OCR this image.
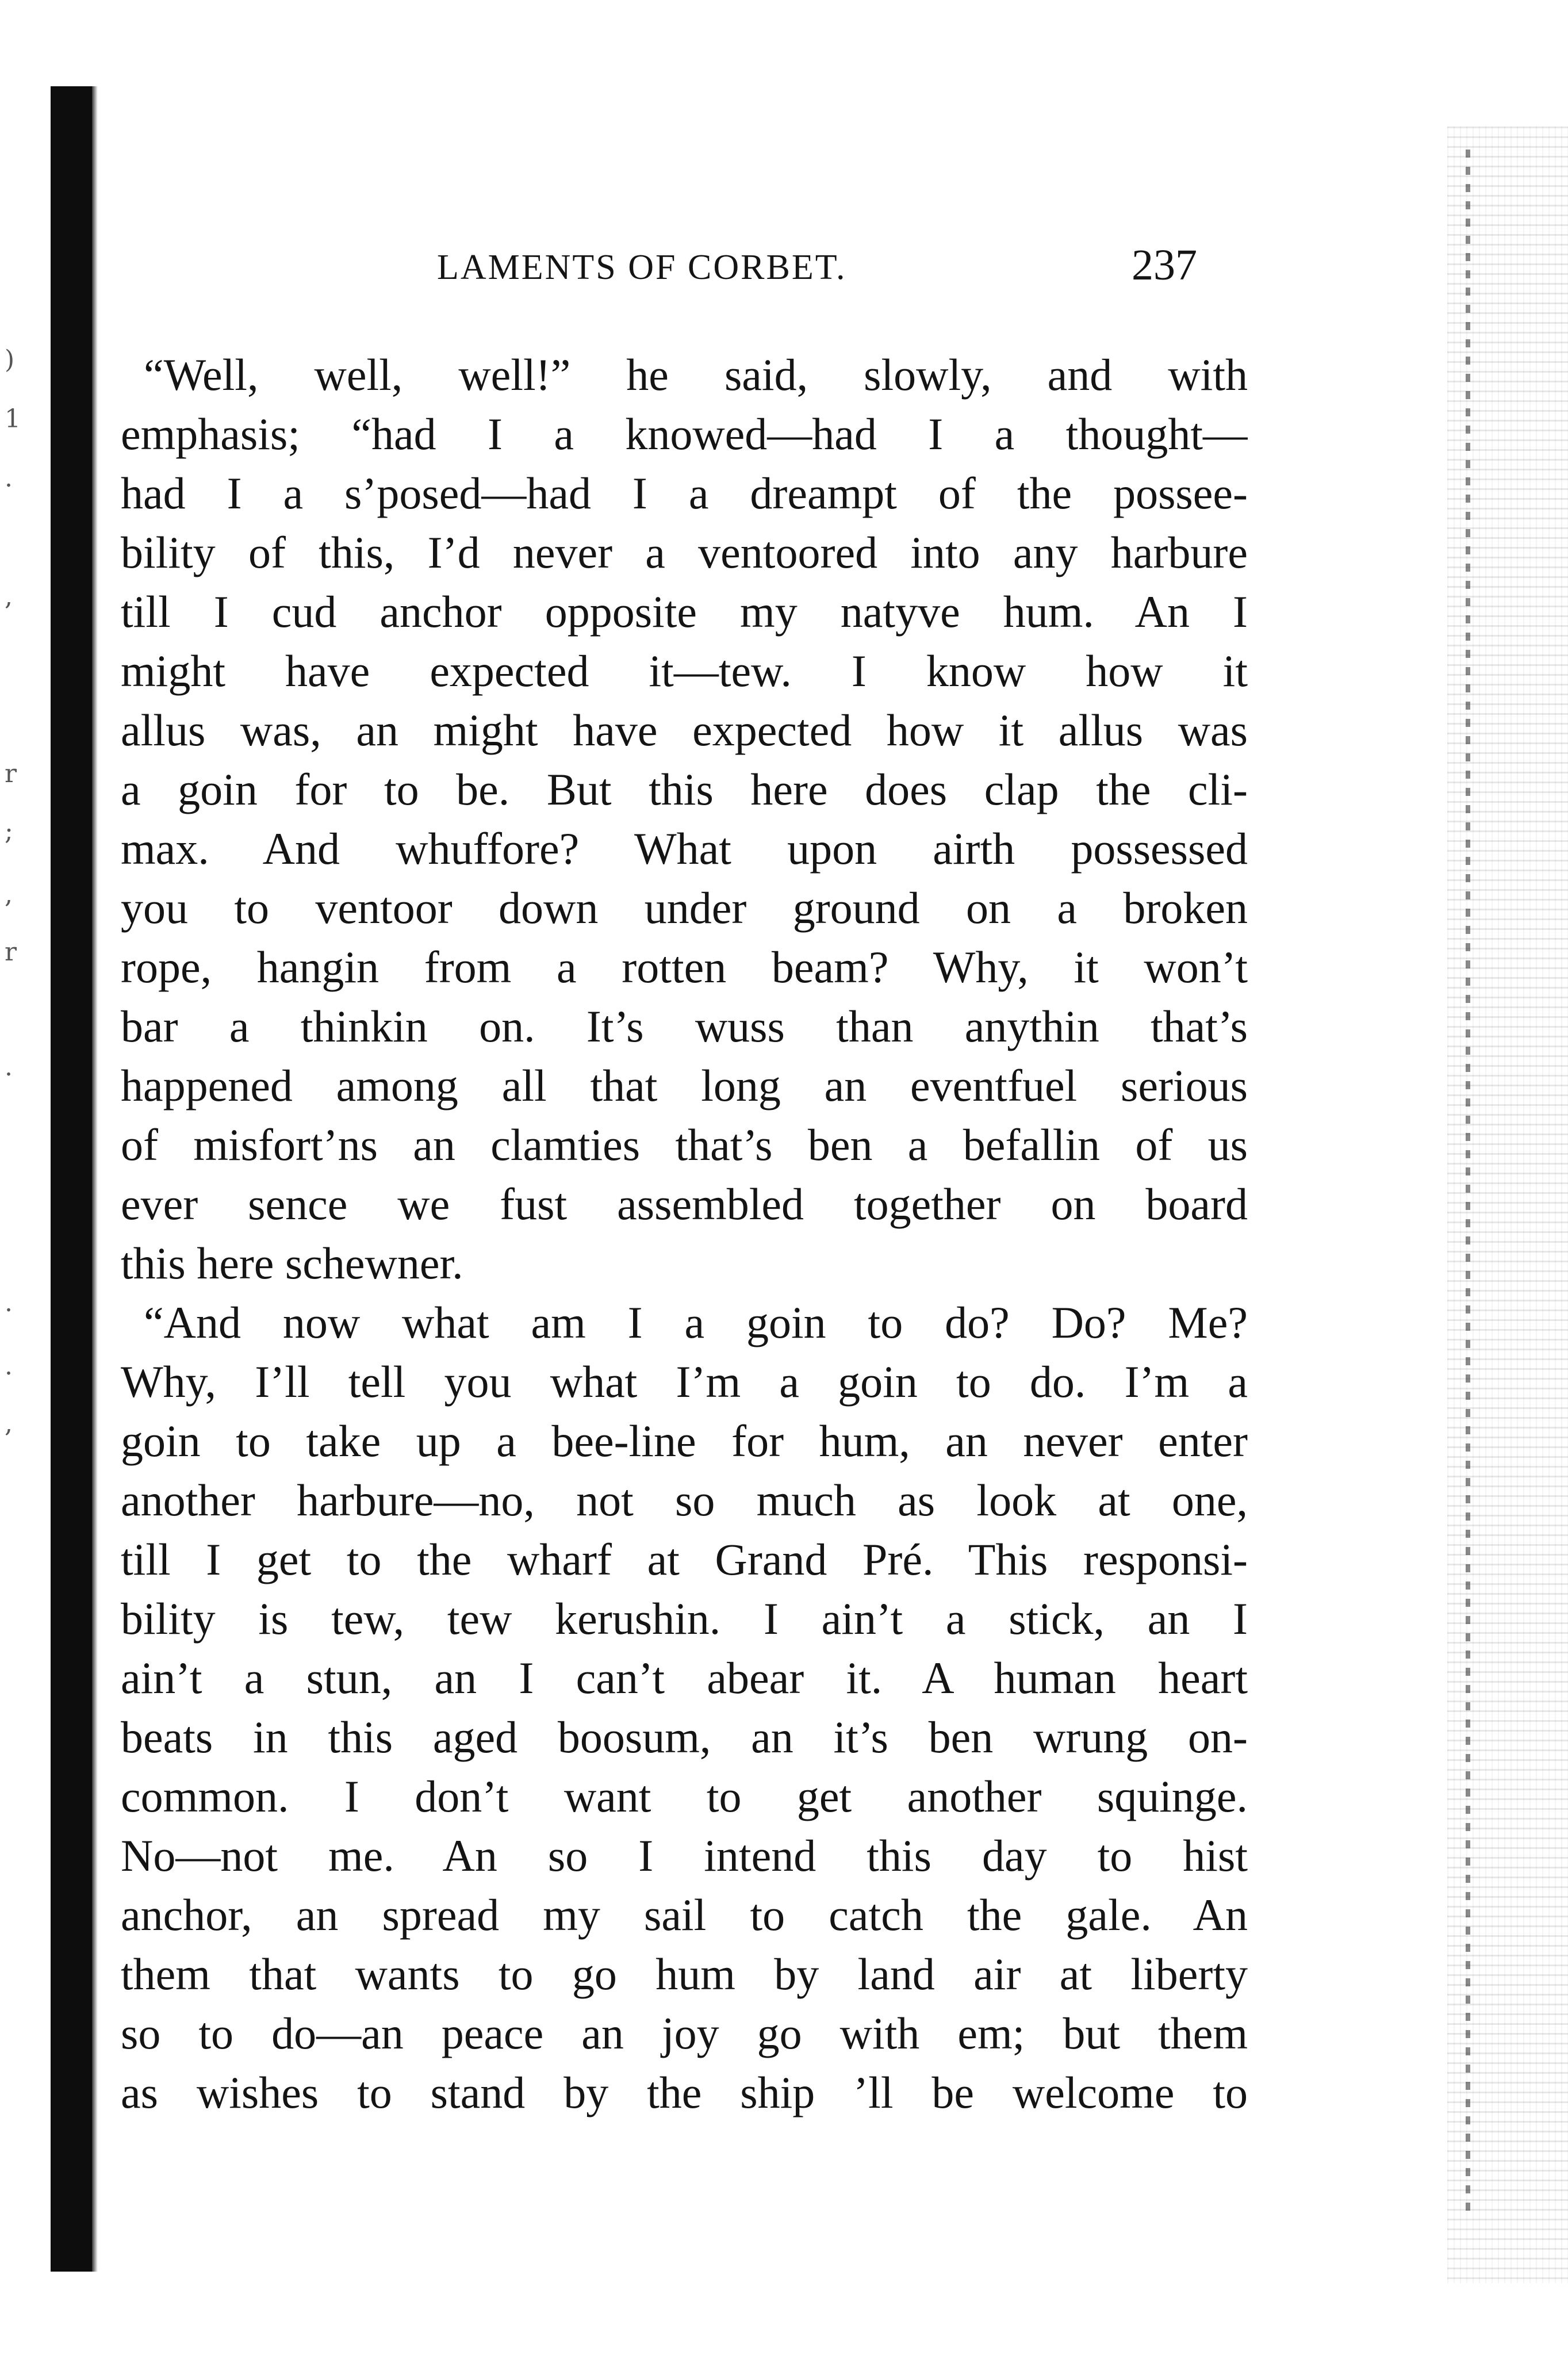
)
1
.
,
r
;
,
r
.
.
.
,
LAMENTS OF CORBET.	237
“Well, well, well!” he said, slowly, and with
emphasis; “had I a knowed—had I a thought—
had I a s’posed—had I a dreampt of the possee-
bility of this, I’d never a ventoored into any harbure
till I cud anchor opposite my natyve hum. An I
might have expected it—tew. I know how it
allus was, an might have expected how it allus was
a goin for to be. But this here does clap the cli-
max. And whuffore? What upon airth possessed
you to ventoor down under ground on a broken
rope, hangin from a rotten beam? Why, it won’t
bar a thinkin on. It’s wuss than anythin that’s
happened among all that long an eventfuel serious
of misfort’ns an clamties that’s ben a befallin of us
ever sence we fust assembled together on board
this here schewner.
“And now what am I a goin to do? Do? Me?
Why, I’ll tell you what I’m a goin to do. I’m a
goin to take up a bee-line for hum, an never enter
another harbure—no, not so much as look at one,
till I get to the wharf at Grand Pré. This responsi-
bility is tew, tew kerushin. I ain’t a stick, an I
ain’t a stun, an I can’t abear it. A human heart
beats in this aged boosum, an it’s ben wrung on-
common. I don’t want to get another squinge.
No—not me. An so I intend this day to hist
anchor, an spread my sail to catch the gale. An
them that wants to go hum by land air at liberty
so to do—an peace an joy go with em; but them
as wishes to stand by the ship ’ll be welcome to
